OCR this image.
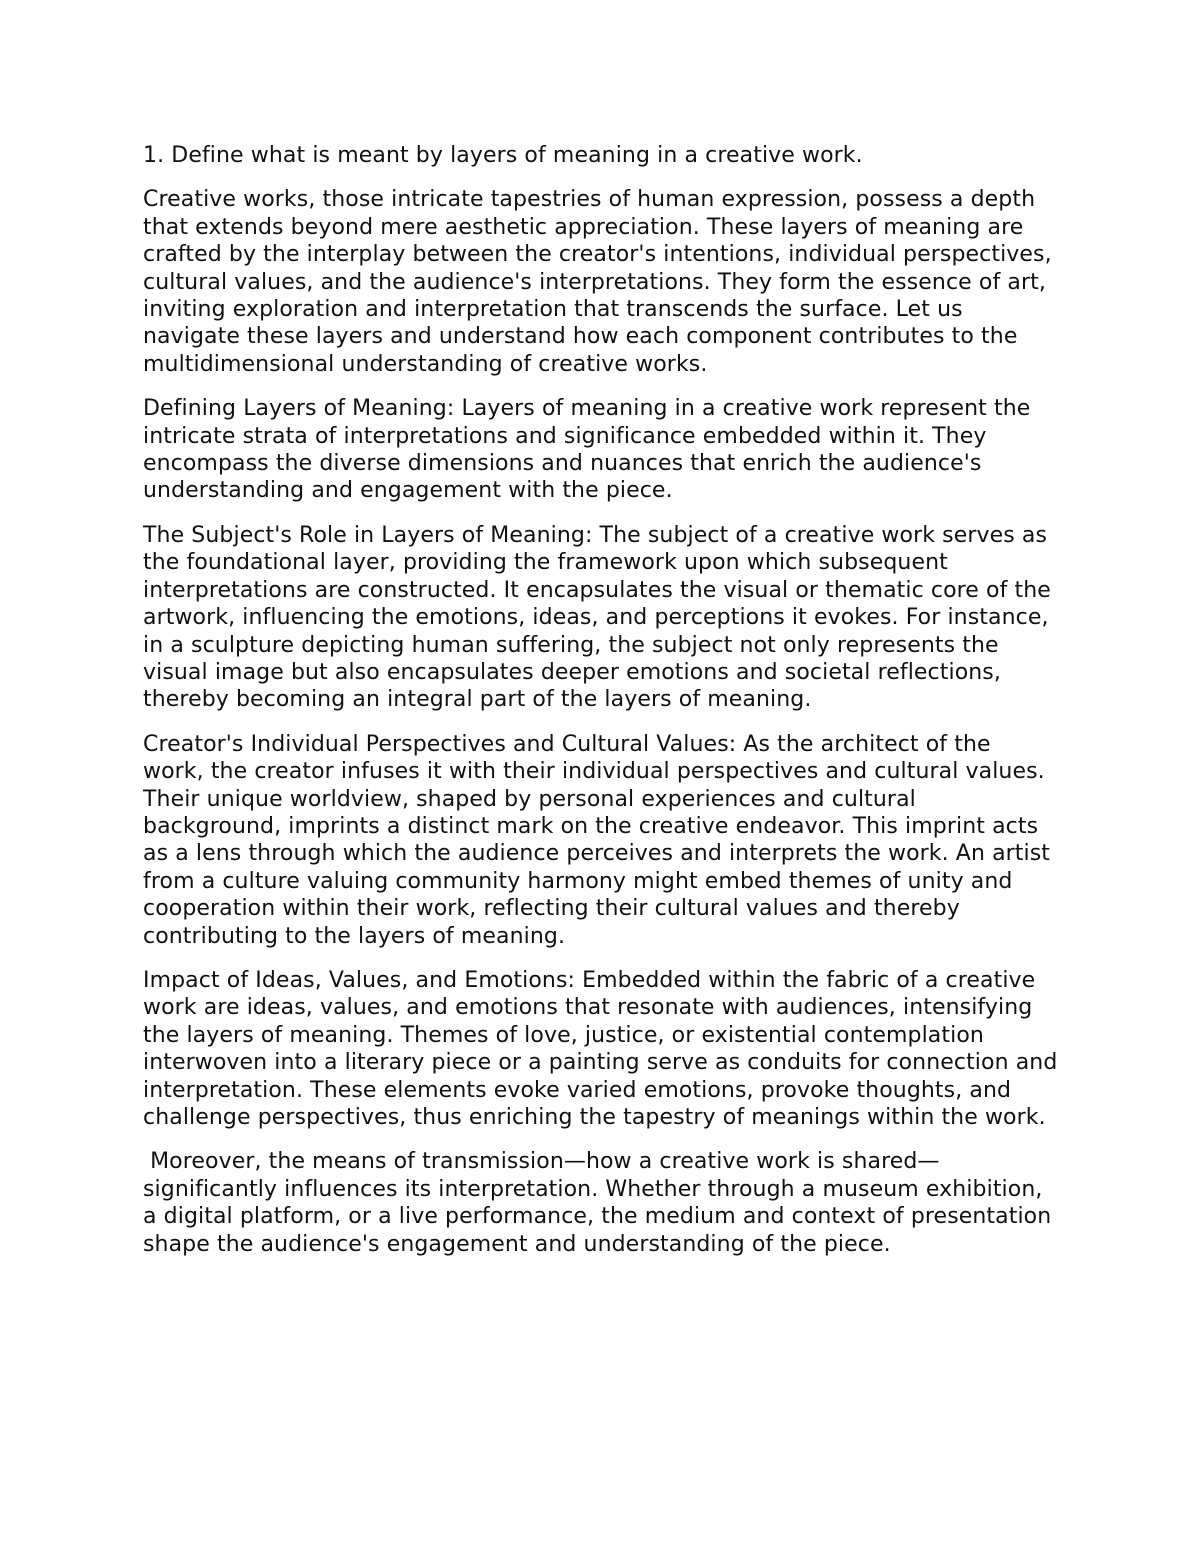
1. Define what is meant by layers of meaning in a creative work.

Creative works, those intricate tapestries of human expression, possess a depth that extends beyond mere aesthetic appreciation. These layers of meaning are crafted by the interplay between the creator's intentions, individual perspectives, cultural values, and the audience's interpretations. They form the essence of art, inviting exploration and interpretation that transcends the surface. Let us navigate these layers and understand how each component contributes to the multidimensional understanding of creative works.

Defining Layers of Meaning: Layers of meaning in a creative work represent the intricate strata of interpretations and significance embedded within it. They encompass the diverse dimensions and nuances that enrich the audience's understanding and engagement with the piece.

The Subject's Role in Layers of Meaning: The subject of a creative work serves as the foundational layer, providing the framework upon which subsequent interpretations are constructed. It encapsulates the visual or thematic core of the artwork, influencing the emotions, ideas, and perceptions it evokes. For instance, in a sculpture depicting human suffering, the subject not only represents the visual image but also encapsulates deeper emotions and societal reflections, thereby becoming an integral part of the layers of meaning.

Creator's Individual Perspectives and Cultural Values: As the architect of the work, the creator infuses it with their individual perspectives and cultural values. Their unique worldview, shaped by personal experiences and cultural background, imprints a distinct mark on the creative endeavor. This imprint acts as a lens through which the audience perceives and interprets the work. An artist from a culture valuing community harmony might embed themes of unity and cooperation within their work, reflecting their cultural values and thereby contributing to the layers of meaning.

Impact of Ideas, Values, and Emotions: Embedded within the fabric of a creative work are ideas, values, and emotions that resonate with audiences, intensifying the layers of meaning. Themes of love, justice, or existential contemplation interwoven into a literary piece or a painting serve as conduits for connection and interpretation. These elements evoke varied emotions, provoke thoughts, and challenge perspectives, thus enriching the tapestry of meanings within the work.

Moreover, the means of transmission—how a creative work is shared—significantly influences its interpretation. Whether through a museum exhibition, a digital platform, or a live performance, the medium and context of presentation shape the audience's engagement and understanding of the piece.
